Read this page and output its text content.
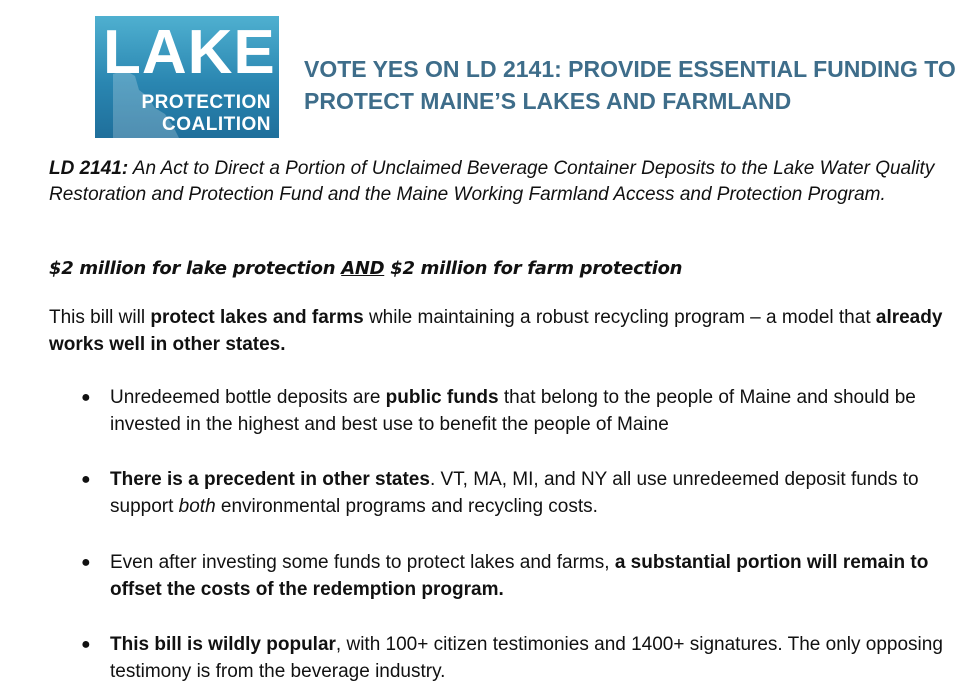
LAKE
PROTECTION
COALITION
VOTE YES ON LD 2141: PROVIDE ESSENTIAL FUNDING TO
PROTECT MAINE’S LAKES AND FARMLAND

LD 2141: An Act to Direct a Portion of Unclaimed Beverage Container Deposits to the Lake Water Quality Restoration and Protection Fund and the Maine Working Farmland Access and Protection Program.

$2 million for lake protection AND $2 million for farm protection

This bill will protect lakes and farms while maintaining a robust recycling program – a model that already works well in other states.

● Unredeemed bottle deposits are public funds that belong to the people of Maine and should be invested in the highest and best use to benefit the people of Maine
● There is a precedent in other states. VT, MA, MI, and NY all use unredeemed deposit funds to support both environmental programs and recycling costs.
● Even after investing some funds to protect lakes and farms, a substantial portion will remain to offset the costs of the redemption program.
● This bill is wildly popular, with 100+ citizen testimonies and 1400+ signatures. The only opposing testimony is from the beverage industry.
